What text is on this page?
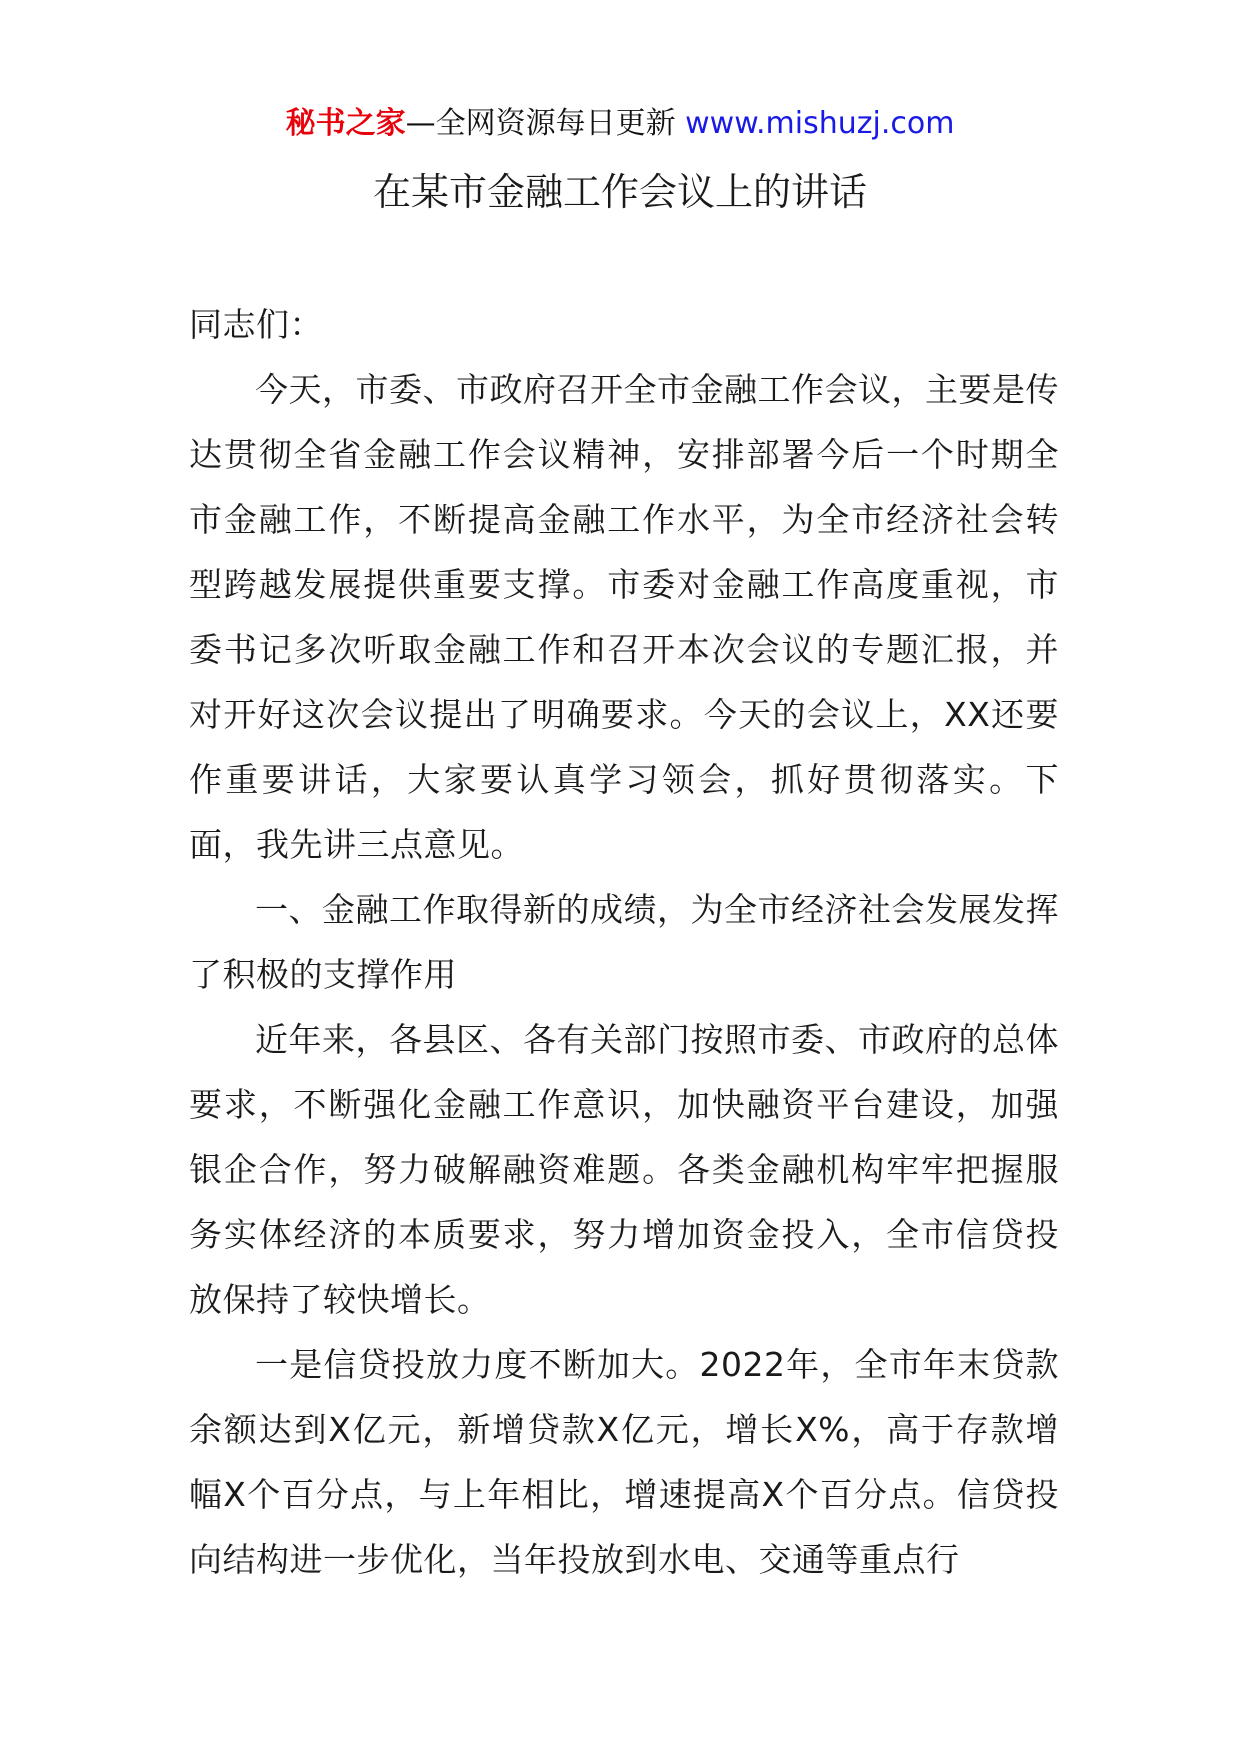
秘书之家—全网资源每日更新 www.mishuzj.com
在某市金融工作会议上的讲话

同志们：

今天，市委、市政府召开全市金融工作会议，主要是传达贯彻全省金融工作会议精神，安排部署今后一个时期全市金融工作，不断提高金融工作水平，为全市经济社会转型跨越发展提供重要支撑。市委对金融工作高度重视，市委书记多次听取金融工作和召开本次会议的专题汇报，并对开好这次会议提出了明确要求。今天的会议上，XX还要作重要讲话，大家要认真学习领会，抓好贯彻落实。下面，我先讲三点意见。

一、金融工作取得新的成绩，为全市经济社会发展发挥了积极的支撑作用

近年来，各县区、各有关部门按照市委、市政府的总体要求，不断强化金融工作意识，加快融资平台建设，加强银企合作，努力破解融资难题。各类金融机构牢牢把握服务实体经济的本质要求，努力增加资金投入，全市信贷投放保持了较快增长。

一是信贷投放力度不断加大。2022年，全市年末贷款余额达到X亿元，新增贷款X亿元，增长X%，高于存款增幅X个百分点，与上年相比，增速提高X个百分点。信贷投向结构进一步优化，当年投放到水电、交通等重点行
